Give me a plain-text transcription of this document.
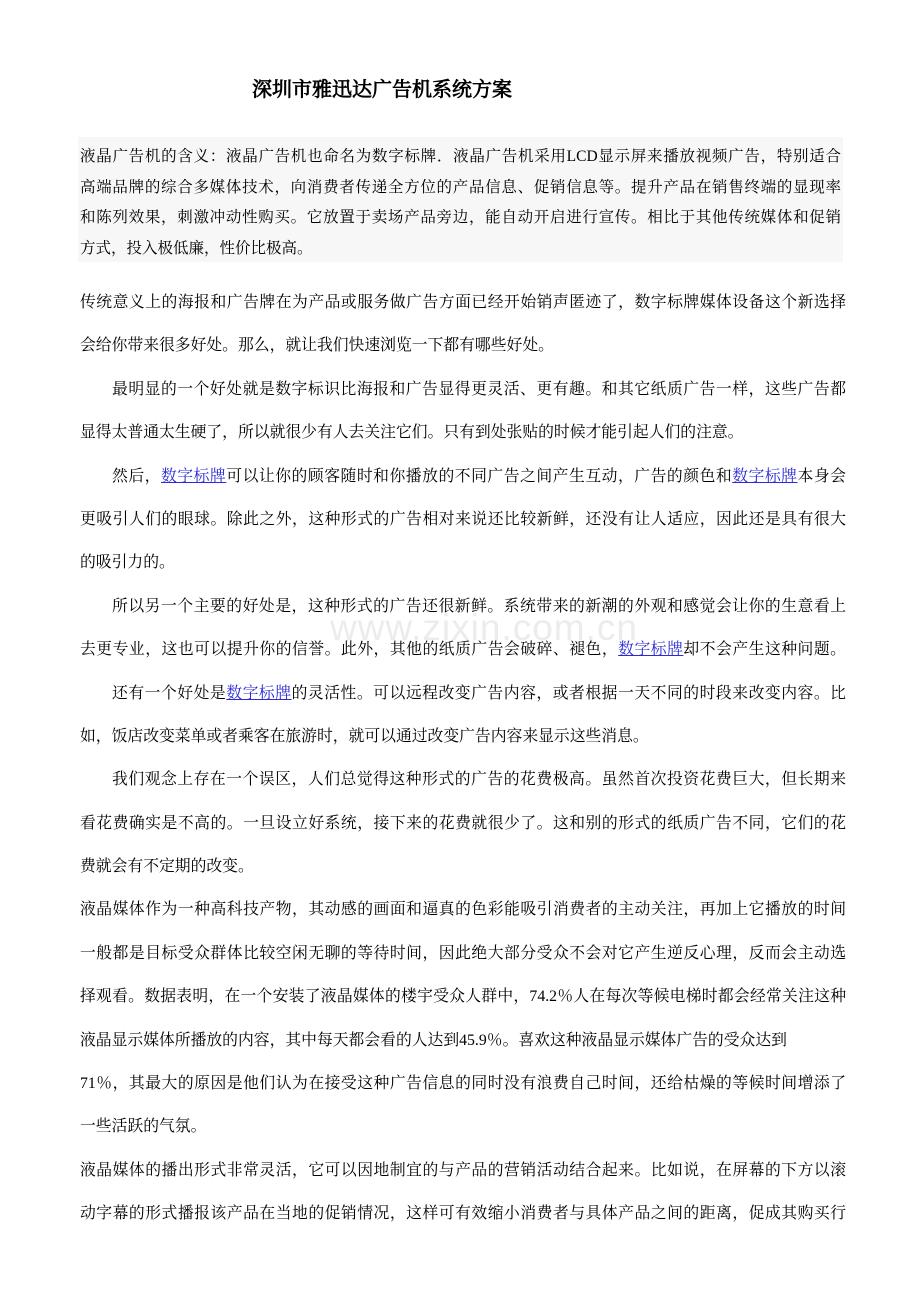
www.zixin.com.cn
深圳市雅迅达广告机系统方案
液晶广告机的含义：液晶广告机也命名为数字标牌．液晶广告机采用LCD显示屏来播放视频广告，特别适合
高端品牌的综合多媒体技术，向消费者传递全方位的产品信息、促销信息等。提升产品在销售终端的显现率
和陈列效果，刺激冲动性购买。它放置于卖场产品旁边，能自动开启进行宣传。相比于其他传统媒体和促销
方式，投入极低廉，性价比极高。
传统意义上的海报和广告牌在为产品或服务做广告方面已经开始销声匿迹了，数字标牌媒体设备这个新选择
会给你带来很多好处。那么，就让我们快速浏览一下都有哪些好处。
最明显的一个好处就是数字标识比海报和广告显得更灵活、更有趣。和其它纸质广告一样，这些广告都
显得太普通太生硬了，所以就很少有人去关注它们。只有到处张贴的时候才能引起人们的注意。
然后，数字标牌可以让你的顾客随时和你播放的不同广告之间产生互动，广告的颜色和数字标牌本身会
更吸引人们的眼球。除此之外，这种形式的广告相对来说还比较新鲜，还没有让人适应，因此还是具有很大
的吸引力的。
所以另一个主要的好处是，这种形式的广告还很新鲜。系统带来的新潮的外观和感觉会让你的生意看上
去更专业，这也可以提升你的信誉。此外，其他的纸质广告会破碎、褪色，数字标牌却不会产生这种问题。
还有一个好处是数字标牌的灵活性。可以远程改变广告内容，或者根据一天不同的时段来改变内容。比
如，饭店改变菜单或者乘客在旅游时，就可以通过改变广告内容来显示这些消息。
我们观念上存在一个误区，人们总觉得这种形式的广告的花费极高。虽然首次投资花费巨大，但长期来
看花费确实是不高的。一旦设立好系统，接下来的花费就很少了。这和别的形式的纸质广告不同，它们的花
费就会有不定期的改变。
液晶媒体作为一种高科技产物，其动感的画面和逼真的色彩能吸引消费者的主动关注，再加上它播放的时间
一般都是目标受众群体比较空闲无聊的等待时间，因此绝大部分受众不会对它产生逆反心理，反而会主动选
择观看。数据表明，在一个安装了液晶媒体的楼宇受众人群中，74.2％人在每次等候电梯时都会经常关注这种
液晶显示媒体所播放的内容，其中每天都会看的人达到45.9％。喜欢这种液晶显示媒体广告的受众达到
71％，其最大的原因是他们认为在接受这种广告信息的同时没有浪费自己时间，还给枯燥的等候时间增添了
一些活跃的气氛。
液晶媒体的播出形式非常灵活，它可以因地制宜的与产品的营销活动结合起来。比如说，在屏幕的下方以滚
动字幕的形式播报该产品在当地的促销情况，这样可有效缩小消费者与具体产品之间的距离，促成其购买行
